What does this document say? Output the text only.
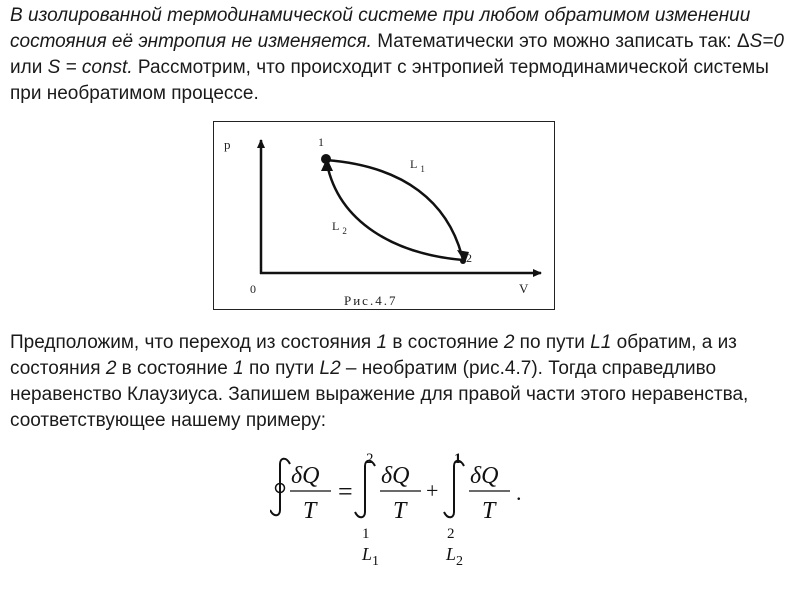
В изолированной термодинамической системе при любом обратимом изменении состояния её энтропия не изменяется. Математически это можно записать так: ΔS=0 или S = const. Рассмотрим, что происходит с энтропией термодинамической системы при необратимом процессе.
p
V
0
1
2
L $_1$
L $_2$
Рис.4.7
Предположим, что переход из состояния 1 в состояние 2 по пути L1 обратим, а из состояния 2 в состояние 1 по пути L2 – необратим (рис.4.7). Тогда справедливо неравенство Клаузиуса. Запишем выражение для правой части этого неравенства, соответствующее нашему примеру:
δQ
T
=
2
1
$L_1$
δQ
T
+
1
2
$L_2$
δQ
T
.
